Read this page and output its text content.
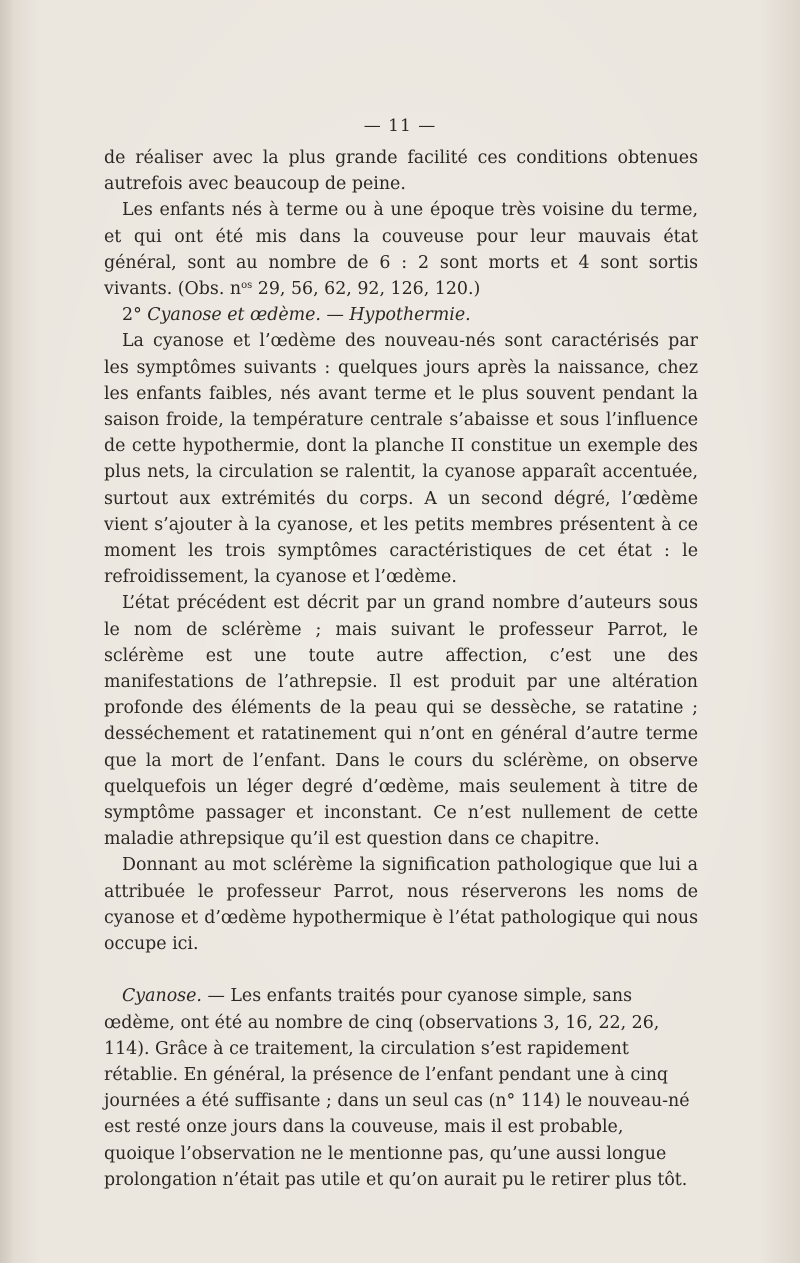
— 11 —

de réaliser avec la plus grande facilité ces conditions obtenues autrefois avec beaucoup de peine.

Les enfants nés à terme ou à une époque très voisine du terme, et qui ont été mis dans la couveuse pour leur mauvais état général, sont au nombre de 6 : 2 sont morts et 4 sont sortis vivants. (Obs. $n^{os}$ 29, 56, 62, 92, 126, 120.)

2° Cyanose et œdème. — Hypothermie.

La cyanose et l’œdème des nouveau-nés sont caractérisés par les symptômes suivants : quelques jours après la naissance, chez les enfants faibles, nés avant terme et le plus souvent pendant la saison froide, la température centrale s’abaisse et sous l’influence de cette hypothermie, dont la planche II constitue un exemple des plus nets, la circulation se ralentit, la cyanose apparaît accentuée, surtout aux extrémités du corps. A un second dégré, l’œdème vient s’ajouter à la cyanose, et les petits membres présentent à ce moment les trois symptômes caractéristiques de cet état : le refroidissement, la cyanose et l’œdème.

L’état précédent est décrit par un grand nombre d’auteurs sous le nom de sclérème ; mais suivant le professeur Parrot, le sclérème est une toute autre affection, c’est une des manifestations de l’athrepsie. Il est produit par une altération profonde des éléments de la peau qui se dessèche, se ratatine ; desséchement et ratatinement qui n’ont en général d’autre terme que la mort de l’enfant. Dans le cours du sclérème, on observe quelquefois un léger degré d’œdème, mais seulement à titre de symptôme passager et inconstant. Ce n’est nullement de cette maladie athrepsique qu’il est question dans ce chapitre.

Donnant au mot sclérème la signification pathologique que lui a attribuée le professeur Parrot, nous réserverons les noms de cyanose et d’œdème hypothermique è l’état pathologique qui nous occupe ici.

Cyanose. — Les enfants traités pour cyanose simple, sans œdème, ont été au nombre de cinq (observations 3, 16, 22, 26, 114). Grâce à ce traitement, la circulation s’est rapidement rétablie. En général, la présence de l’enfant pendant une à cinq journées a été suffisante ; dans un seul cas (n° 114) le nouveau-né est resté onze jours dans la couveuse, mais il est probable, quoique l’observation ne le mentionne pas, qu’une aussi longue prolongation n’était pas utile et qu’on aurait pu le retirer plus tôt.
